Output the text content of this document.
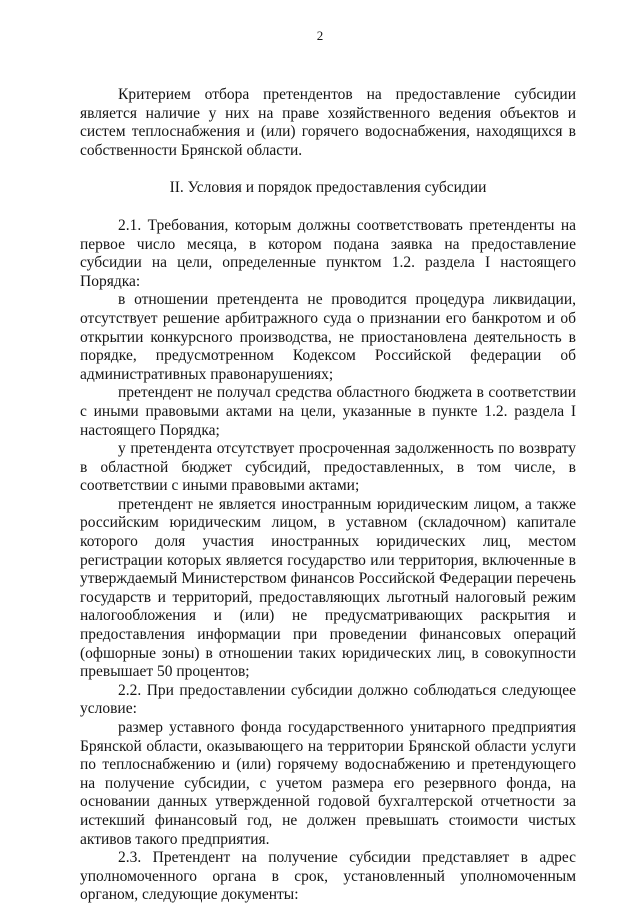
2

Критерием отбора претендентов на предоставление субсидии является наличие у них на праве хозяйственного ведения объектов и систем теплоснабжения и (или) горячего водоснабжения, находящихся в собственности Брянской области.

II. Условия и порядок предоставления субсидии

2.1. Требования, которым должны соответствовать претенденты на первое число месяца, в котором подана заявка на предоставление субсидии на цели, определенные пунктом 1.2. раздела I настоящего Порядка:

в отношении претендента не проводится процедура ликвидации, отсутствует решение арбитражного суда о признании его банкротом и об открытии конкурсного производства, не приостановлена деятельность в порядке, предусмотренном Кодексом Российской федерации об административных правонарушениях;

претендент не получал средства областного бюджета в соответствии с иными правовыми актами на цели, указанные в пункте 1.2. раздела I настоящего Порядка;

у претендента отсутствует просроченная задолженность по возврату в областной бюджет субсидий, предоставленных, в том числе, в соответствии с иными правовыми актами;

претендент не является иностранным юридическим лицом, а также российским юридическим лицом, в уставном (складочном) капитале которого доля участия иностранных юридических лиц, местом регистрации которых является государство или территория, включенные в утверждаемый Министерством финансов Российской Федерации перечень государств и территорий, предоставляющих льготный налоговый режим налогообложения и (или) не предусматривающих раскрытия и предоставления информации при проведении финансовых операций (офшорные зоны) в отношении таких юридических лиц, в совокупности превышает 50 процентов;

2.2. При предоставлении субсидии должно соблюдаться следующее условие:

размер уставного фонда государственного унитарного предприятия Брянской области, оказывающего на территории Брянской области услуги по теплоснабжению и (или) горячему водоснабжению и претендующего на получение субсидии, с учетом размера его резервного фонда, на основании данных утвержденной годовой бухгалтерской отчетности за истекший финансовый год, не должен превышать стоимости чистых активов такого предприятия.

2.3. Претендент на получение субсидии представляет в адрес уполномоченного органа в срок, установленный уполномоченным органом, следующие документы:
